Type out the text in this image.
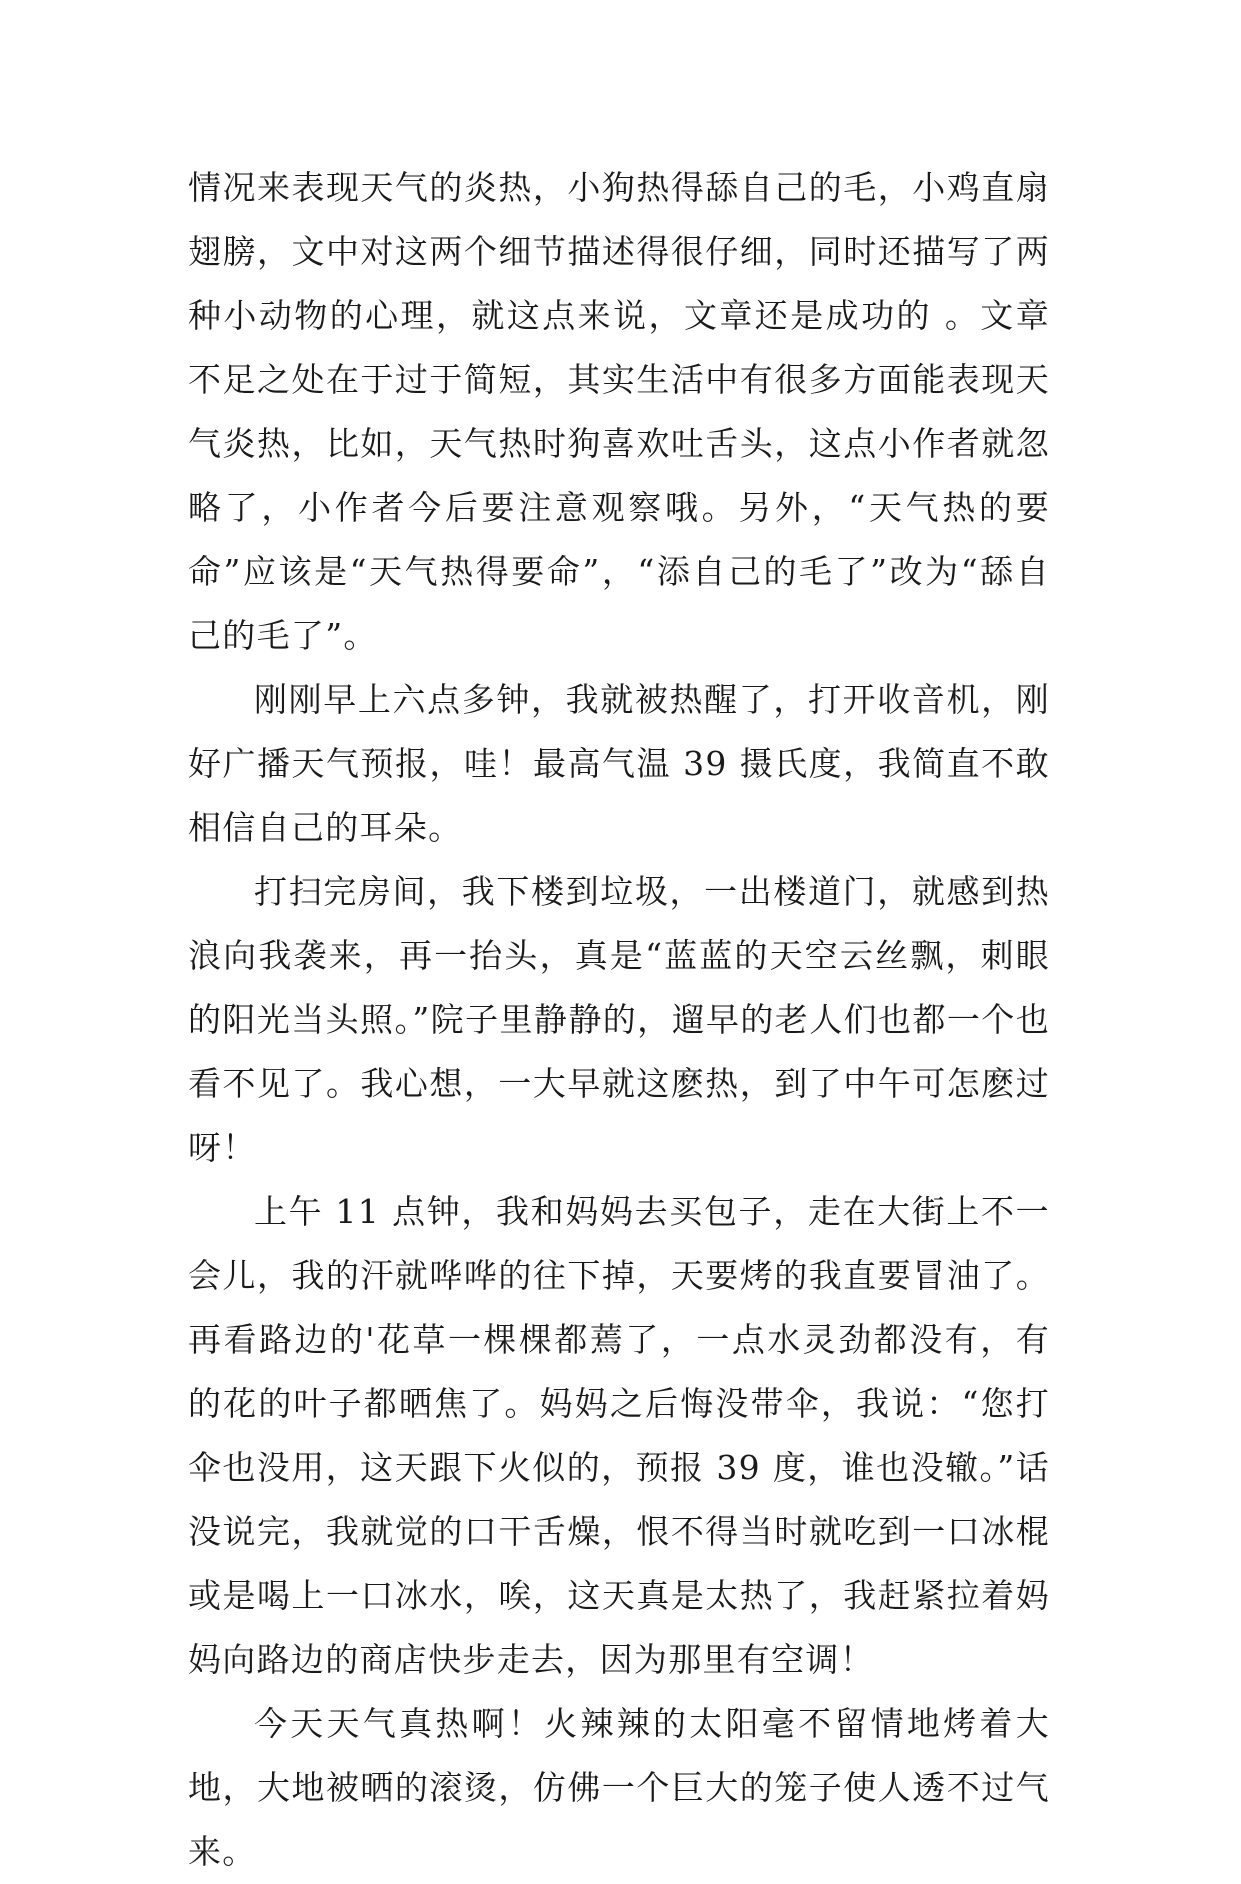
情况来表现天气的炎热，小狗热得舔自己的毛，小鸡直扇翅膀，文中对这两个细节描述得很仔细，同时还描写了两种小动物的心理，就这点来说，文章还是成功的 。文章不足之处在于过于简短，其实生活中有很多方面能表现天气炎热，比如，天气热时狗喜欢吐舌头，这点小作者就忽略了，小作者今后要注意观察哦。另外，“天气热的要命”应该是“天气热得要命”，“添自己的毛了”改为“舔自己的毛了”。

刚刚早上六点多钟，我就被热醒了，打开收音机，刚好广播天气预报，哇！最高气温 39 摄氏度，我简直不敢相信自己的耳朵。

打扫完房间，我下楼到垃圾，一出楼道门，就感到热浪向我袭来，再一抬头，真是“蓝蓝的天空云丝飘，刺眼的阳光当头照。”院子里静静的，遛早的老人们也都一个也看不见了。我心想，一大早就这麽热，到了中午可怎麽过呀！

上午 11 点钟，我和妈妈去买包子，走在大街上不一会儿，我的汗就哗哗的往下掉，天要烤的我直要冒油了。再看路边的'花草一棵棵都蔫了，一点水灵劲都没有，有的花的叶子都晒焦了。妈妈之后悔没带伞，我说：“您打伞也没用，这天跟下火似的，预报 39 度，谁也没辙。”话没说完，我就觉的口干舌燥，恨不得当时就吃到一口冰棍或是喝上一口冰水，唉，这天真是太热了，我赶紧拉着妈妈向路边的商店快步走去，因为那里有空调！

今天天气真热啊！火辣辣的太阳毫不留情地烤着大地，大地被晒的滚烫，仿佛一个巨大的笼子使人透不过气来。
